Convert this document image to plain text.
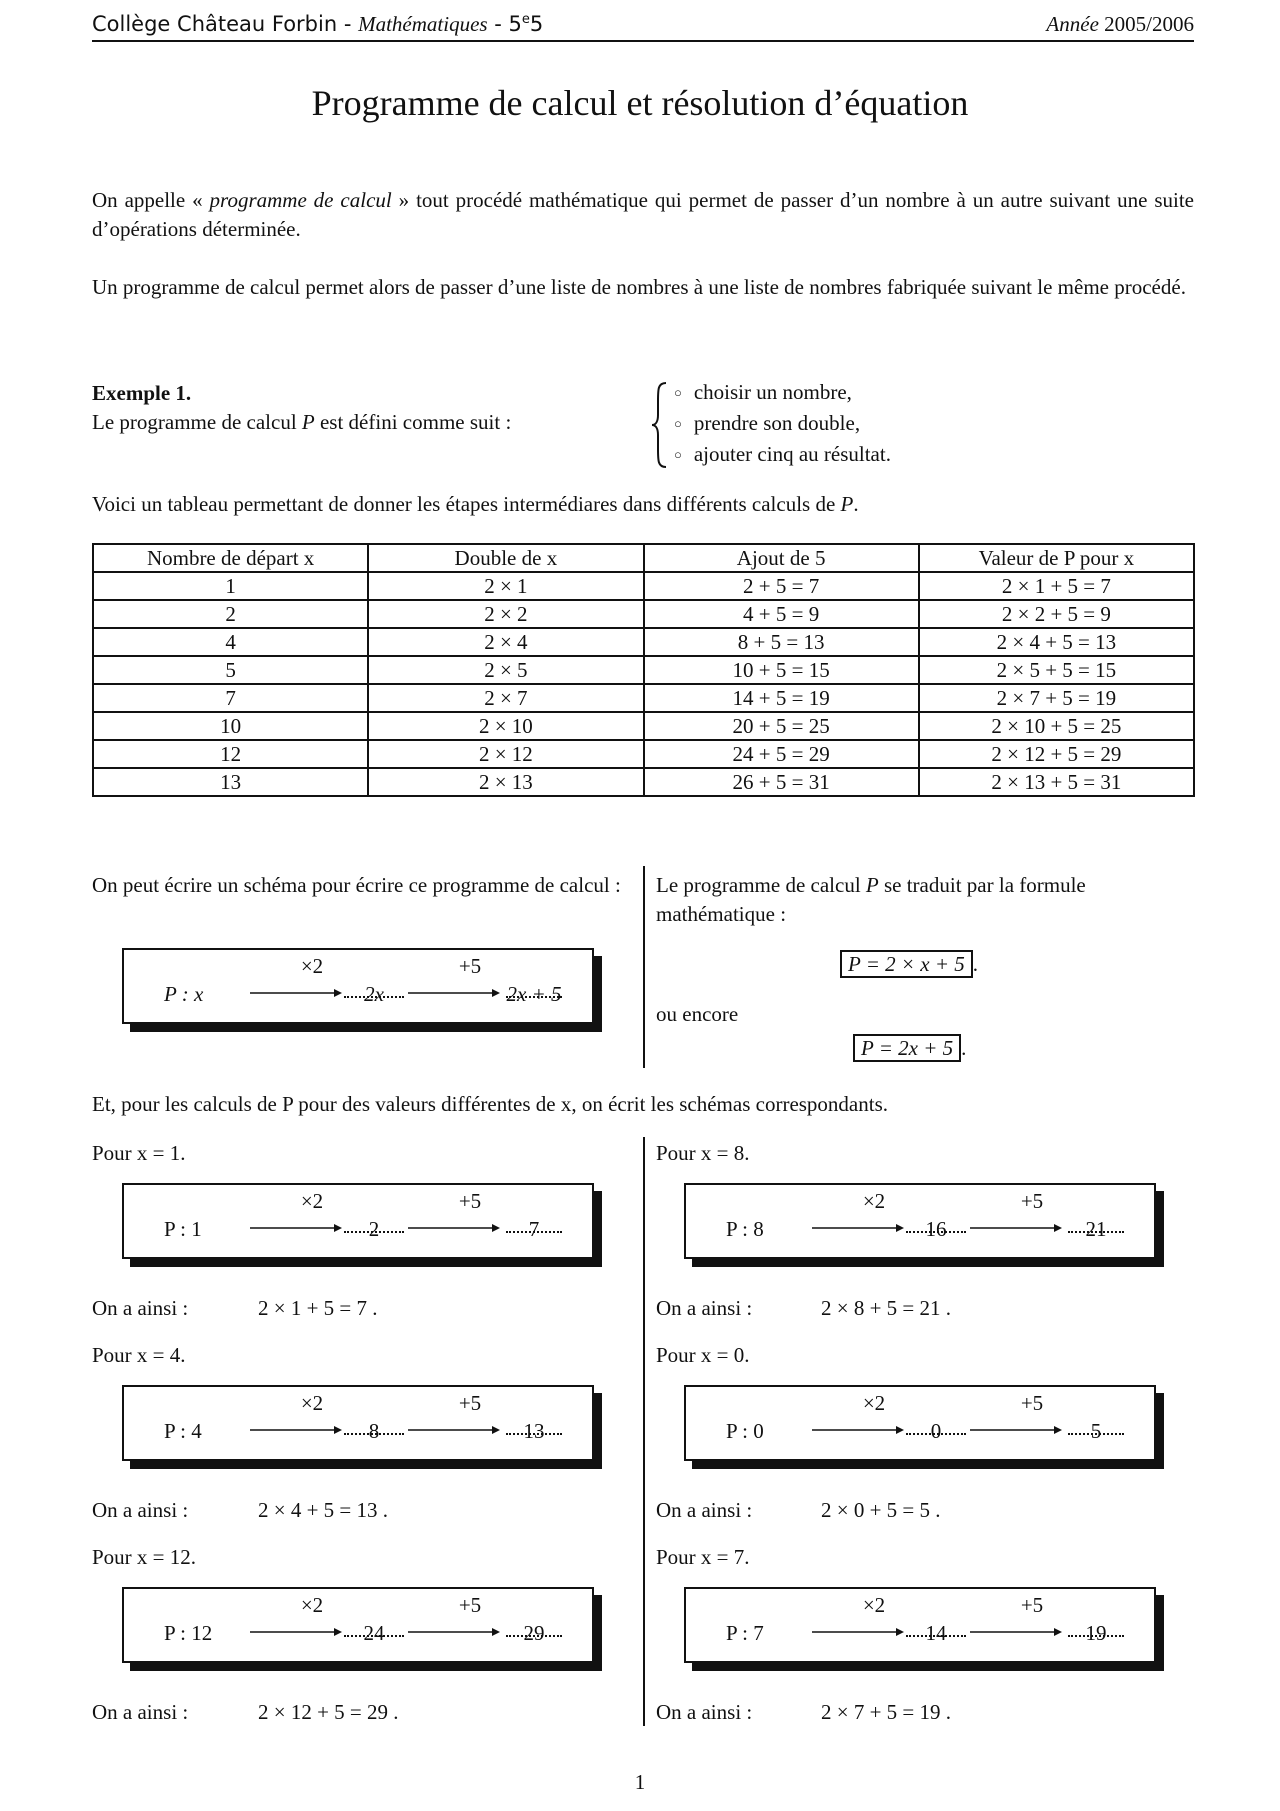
Collège Château Forbin - Mathématiques - 5e5	Année 2005/2006
Programme de calcul et résolution d’équation
On appelle « programme de calcul » tout procédé mathématique qui permet de passer d’un nombre à un autre suivant une suite d’opérations déterminée.
Un programme de calcul permet alors de passer d’une liste de nombres à une liste de nombres fabriquée suivant le même procédé.
Exemple 1.
Le programme de calcul P est défini comme suit :
○ choisir un nombre,
○ prendre son double,
○ ajouter cinq au résultat.
Voici un tableau permettant de donner les étapes intermédiares dans différents calculs de P.
Nombre de départ x	Double de x	Ajout de 5	Valeur de P pour x
1	2 × 1	2 + 5 = 7	2 × 1 + 5 = 7
2	2 × 2	4 + 5 = 9	2 × 2 + 5 = 9
4	2 × 4	8 + 5 = 13	2 × 4 + 5 = 13
5	2 × 5	10 + 5 = 15	2 × 5 + 5 = 15
7	2 × 7	14 + 5 = 19	2 × 7 + 5 = 19
10	2 × 10	20 + 5 = 25	2 × 10 + 5 = 25
12	2 × 12	24 + 5 = 29	2 × 12 + 5 = 29
13	2 × 13	26 + 5 = 31	2 × 13 + 5 = 31
On peut écrire un schéma pour écrire ce programme de calcul :	Le programme de calcul P se traduit par la formule mathématique :
P : x
×2	+5
2x	2x + 5
P = 2 × x + 5 .
ou encore
P = 2x + 5 .
Et, pour les calculs de P pour des valeurs différentes de x, on écrit les schémas correspondants.
Pour x = 1.
P : 1
×2	+5
2	7
On a ainsi :	2 × 1 + 5 = 7 .
Pour x = 8.
P : 8
×2	+5
16	21
On a ainsi :	2 × 8 + 5 = 21 .
Pour x = 4.
P : 4
×2	+5
8	13
On a ainsi :	2 × 4 + 5 = 13 .
Pour x = 0.
P : 0
×2	+5
0	5
On a ainsi :	2 × 0 + 5 = 5 .
Pour x = 12.
P : 12
×2	+5
24	29
On a ainsi :	2 × 12 + 5 = 29 .
Pour x = 7.
P : 7
×2	+5
14	19
On a ainsi :	2 × 7 + 5 = 19 .
1
